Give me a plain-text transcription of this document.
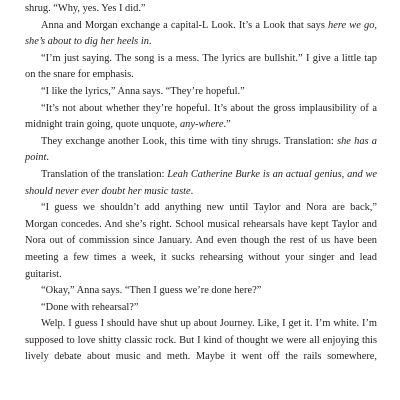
shrug. “Why, yes. Yes I did.”

Anna and Morgan exchange a capital-L Look. It’s a Look that says here we go, she’s about to dig her heels in.

“I’m just saying. The song is a mess. The lyrics are bullshit.” I give a little tap on the snare for emphasis.

“I like the lyrics,” Anna says. “They’re hopeful.”

“It’s not about whether they’re hopeful. It’s about the gross implausibility of a midnight train going, quote unquote, any-where.”

They exchange another Look, this time with tiny shrugs. Translation: she has a point.

Translation of the translation: Leah Catherine Burke is an actual genius, and we should never ever doubt her music taste.

“I guess we shouldn’t add anything new until Taylor and Nora are back,” Morgan concedes. And she’s right. School musical rehearsals have kept Taylor and Nora out of commission since January. And even though the rest of us have been meeting a few times a week, it sucks rehearsing without your singer and lead guitarist.

“Okay,” Anna says. “Then I guess we’re done here?”

“Done with rehearsal?”

Welp. I guess I should have shut up about Journey. Like, I get it. I’m white. I’m supposed to love shitty classic rock. But I kind of thought we were all enjoying this lively debate about music and meth. Maybe it went off the rails somewhere,
